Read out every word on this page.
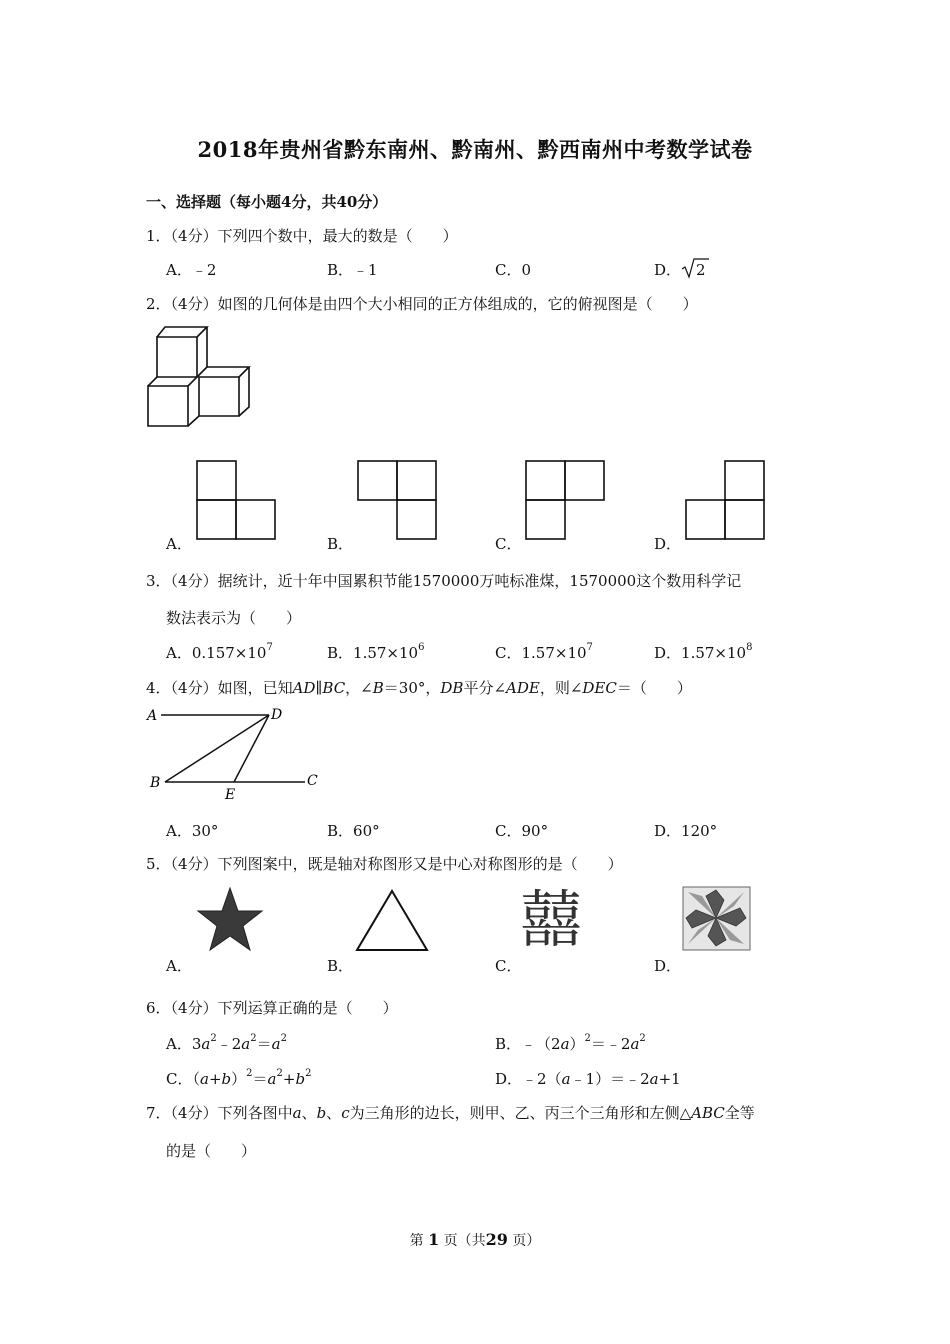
2018年贵州省黔东南州、黔南州、黔西南州中考数学试卷
一、选择题（每小题4分，共40分）
1．（4分）下列四个数中，最大的数是（　　）
A．﹣2	B．﹣1	C．0	D． 2
2．（4分）如图的几何体是由四个大小相同的正方体组成的，它的俯视图是（　　）
A．	B．	C．	D．
3．（4分）据统计，近十年中国累积节能1570000万吨标准煤，1570000这个数用科学记
数法表示为（　　）
A．$0.157\times 10^7$	B．$1.57\times 10^6$	C．$1.57\times 10^7$	D．$1.57\times 10^8$
4．（4分）如图，已知AD∥BC，∠B＝30°，DB平分∠ADE，则∠DEC＝（　　）
A	D
B
E
C
A．30°	B．60°	C．90°	D．120°
5．（4分）下列图案中，既是轴对称图形又是中心对称图形的是（　　）
A．	B．	C．
囍
D．
6．（4分）下列运算正确的是（　　）
A．$3a^2﹣2a^2=a^2$	B．$﹣(2a)^2=﹣2a^2$
C．$(a+b)^2=a^2+b^2$	D．﹣2（a﹣1）＝﹣2a+1
7．（4分）下列各图中a、b、c为三角形的边长，则甲、乙、丙三个三角形和左侧△ABC全等
的是（　　）
第 1 页（共29 页）
